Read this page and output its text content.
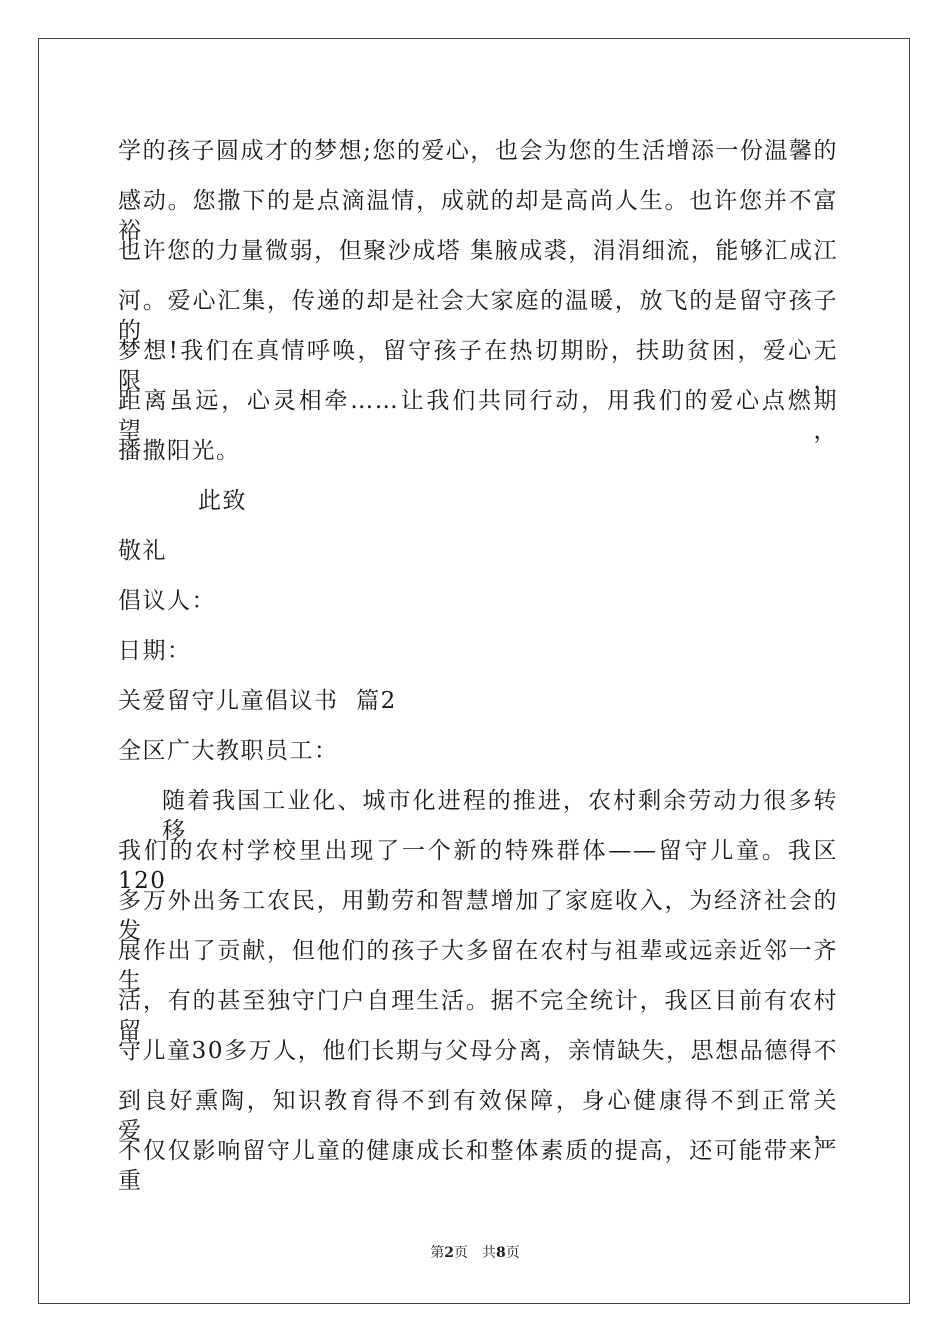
学的孩子圆成才的梦想;您的爱心，也会为您的生活增添一份温馨的
感动。您撒下的是点滴温情，成就的却是高尚人生。也许您并不富裕
也许您的力量微弱，但聚沙成塔 集腋成裘，涓涓细流，能够汇成江
河。爱心汇集，传递的却是社会大家庭的温暖，放飞的是留守孩子的
梦想!我们在真情呼唤，留守孩子在热切期盼，扶助贫困，爱心无限，
距离虽远，心灵相牵……让我们共同行动，用我们的爱心点燃期望，
播撒阳光。
此致
敬礼
倡议人：
日期：
关爱留守儿童倡议书  篇2
全区广大教职员工：
随着我国工业化、城市化进程的推进，农村剩余劳动力很多转移
我们的农村学校里出现了一个新的特殊群体——留守儿童。我区120
多万外出务工农民，用勤劳和智慧增加了家庭收入，为经济社会的发
展作出了贡献，但他们的孩子大多留在农村与祖辈或远亲近邻一齐生
活，有的甚至独守门户自理生活。据不完全统计，我区目前有农村留
守儿童30多万人，他们长期与父母分离，亲情缺失，思想品德得不
到良好熏陶，知识教育得不到有效保障，身心健康得不到正常关爱，
不仅仅影响留守儿童的健康成长和整体素质的提高，还可能带来严重
第2页 共8页
